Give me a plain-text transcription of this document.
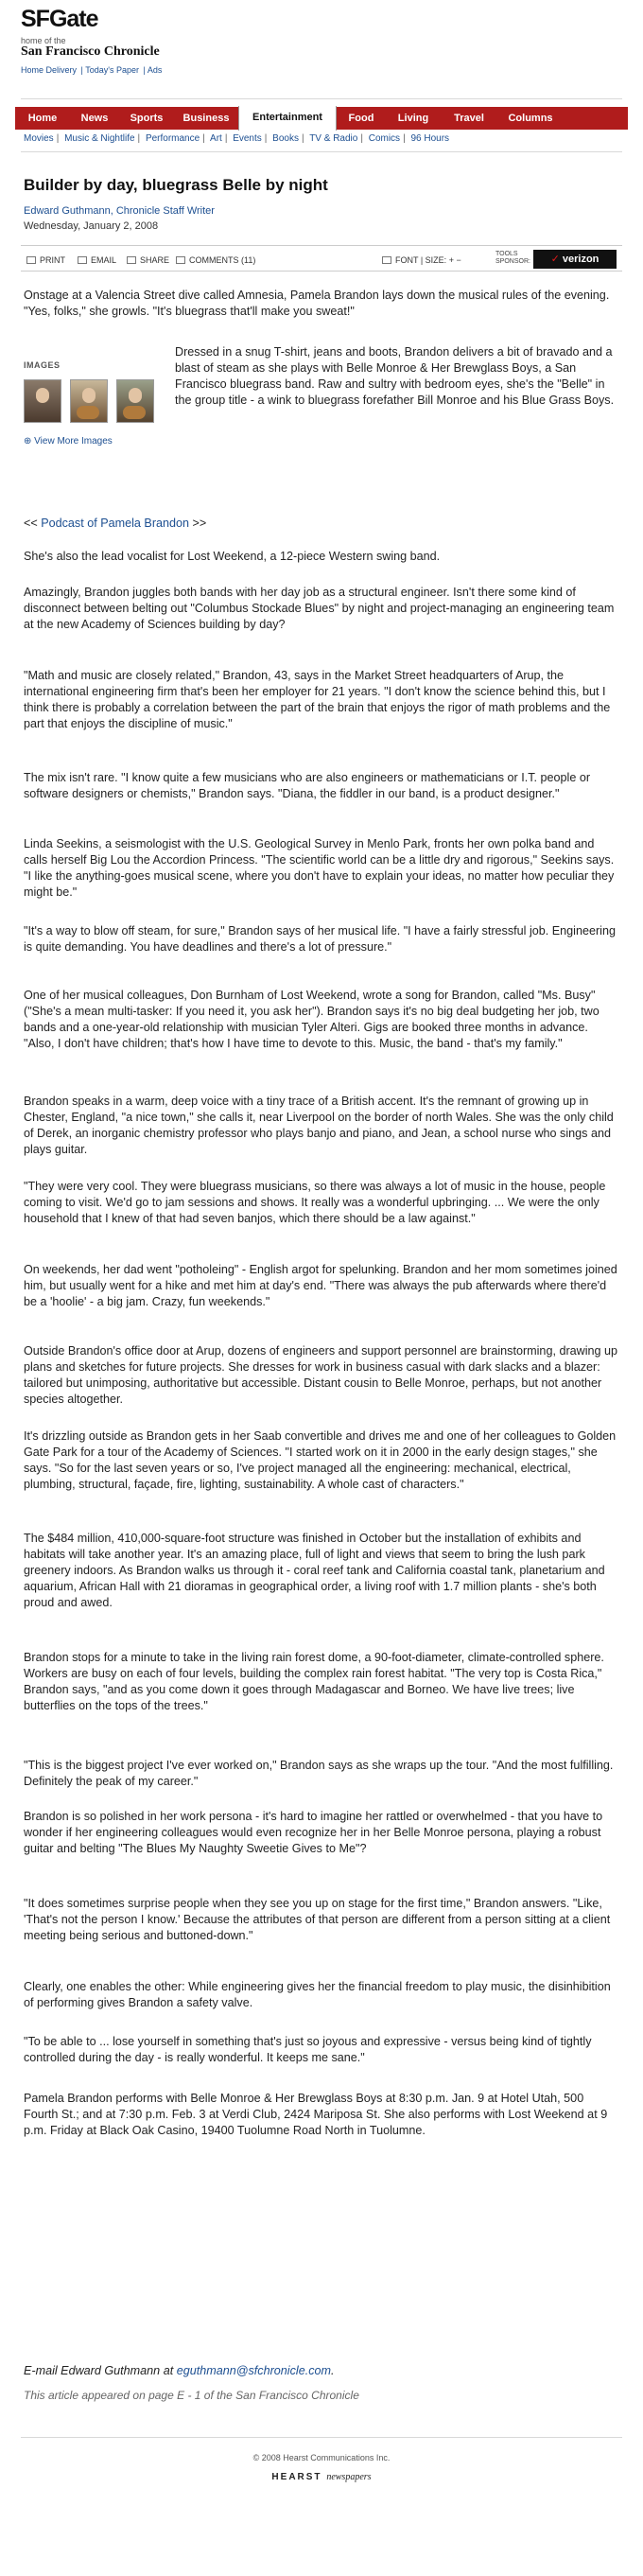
SFGate
home of the
San Francisco Chronicle
Home Delivery | Today's Paper | Ads
Home	News	Sports	Business	Entertainment	Food	Living	Travel	Columns
Movies | Music & Nightlife | Performance | Art | Events | Books | TV & Radio | Comics | 96 Hours
Builder by day, bluegrass Belle by night
Edward Guthmann, Chronicle Staff Writer
Wednesday, January 2, 2008
PRINT	EMAIL	SHARE	COMMENTS (11)	FONT | SIZE: + −
TOOLS
SPONSOR:	✓ verizon

Onstage at a Valencia Street dive called Amnesia, Pamela Brandon lays down the musical rules of the evening. "Yes, folks," she growls. "It's bluegrass that'll make you sweat!"

IMAGES
⊕ View More Images

Dressed in a snug T-shirt, jeans and boots, Brandon delivers a bit of bravado and a blast of steam as she plays with Belle Monroe & Her Brewglass Boys, a San Francisco bluegrass band. Raw and sultry with bedroom eyes, she's the "Belle" in the group title - a wink to bluegrass forefather Bill Monroe and his Blue Grass Boys.

<< Podcast of Pamela Brandon >>

She's also the lead vocalist for Lost Weekend, a 12-piece Western swing band.

Amazingly, Brandon juggles both bands with her day job as a structural engineer. Isn't there some kind of disconnect between belting out "Columbus Stockade Blues" by night and project-managing an engineering team at the new Academy of Sciences building by day?

"Math and music are closely related," Brandon, 43, says in the Market Street headquarters of Arup, the international engineering firm that's been her employer for 21 years. "I don't know the science behind this, but I think there is probably a correlation between the part of the brain that enjoys the rigor of math problems and the part that enjoys the discipline of music."

The mix isn't rare. "I know quite a few musicians who are also engineers or mathematicians or I.T. people or software designers or chemists," Brandon says. "Diana, the fiddler in our band, is a product designer."

Linda Seekins, a seismologist with the U.S. Geological Survey in Menlo Park, fronts her own polka band and calls herself Big Lou the Accordion Princess. "The scientific world can be a little dry and rigorous," Seekins says. "I like the anything-goes musical scene, where you don't have to explain your ideas, no matter how peculiar they might be."

"It's a way to blow off steam, for sure," Brandon says of her musical life. "I have a fairly stressful job. Engineering is quite demanding. You have deadlines and there's a lot of pressure."

One of her musical colleagues, Don Burnham of Lost Weekend, wrote a song for Brandon, called "Ms. Busy" ("She's a mean multi-tasker: If you need it, you ask her"). Brandon says it's no big deal budgeting her job, two bands and a one-year-old relationship with musician Tyler Alteri. Gigs are booked three months in advance. "Also, I don't have children; that's how I have time to devote to this. Music, the band - that's my family."

Brandon speaks in a warm, deep voice with a tiny trace of a British accent. It's the remnant of growing up in Chester, England, "a nice town," she calls it, near Liverpool on the border of north Wales. She was the only child of Derek, an inorganic chemistry professor who plays banjo and piano, and Jean, a school nurse who sings and plays guitar.

"They were very cool. They were bluegrass musicians, so there was always a lot of music in the house, people coming to visit. We'd go to jam sessions and shows. It really was a wonderful upbringing. ... We were the only household that I knew of that had seven banjos, which there should be a law against."

On weekends, her dad went "potholeing" - English argot for spelunking. Brandon and her mom sometimes joined him, but usually went for a hike and met him at day's end. "There was always the pub afterwards where there'd be a 'hoolie' - a big jam. Crazy, fun weekends."

Outside Brandon's office door at Arup, dozens of engineers and support personnel are brainstorming, drawing up plans and sketches for future projects. She dresses for work in business casual with dark slacks and a blazer: tailored but unimposing, authoritative but accessible. Distant cousin to Belle Monroe, perhaps, but not another species altogether.

It's drizzling outside as Brandon gets in her Saab convertible and drives me and one of her colleagues to Golden Gate Park for a tour of the Academy of Sciences. "I started work on it in 2000 in the early design stages," she says. "So for the last seven years or so, I've project managed all the engineering: mechanical, electrical, plumbing, structural, façade, fire, lighting, sustainability. A whole cast of characters."

The $484 million, 410,000-square-foot structure was finished in October but the installation of exhibits and habitats will take another year. It's an amazing place, full of light and views that seem to bring the lush park greenery indoors. As Brandon walks us through it - coral reef tank and California coastal tank, planetarium and aquarium, African Hall with 21 dioramas in geographical order, a living roof with 1.7 million plants - she's both proud and awed.

Brandon stops for a minute to take in the living rain forest dome, a 90-foot-diameter, climate-controlled sphere. Workers are busy on each of four levels, building the complex rain forest habitat. "The very top is Costa Rica," Brandon says, "and as you come down it goes through Madagascar and Borneo. We have live trees; live butterflies on the tops of the trees."

"This is the biggest project I've ever worked on," Brandon says as she wraps up the tour. "And the most fulfilling. Definitely the peak of my career."

Brandon is so polished in her work persona - it's hard to imagine her rattled or overwhelmed - that you have to wonder if her engineering colleagues would even recognize her in her Belle Monroe persona, playing a robust guitar and belting "The Blues My Naughty Sweetie Gives to Me"?

"It does sometimes surprise people when they see you up on stage for the first time," Brandon answers. "Like, 'That's not the person I know.' Because the attributes of that person are different from a person sitting at a client meeting being serious and buttoned-down."

Clearly, one enables the other: While engineering gives her the financial freedom to play music, the disinhibition of performing gives Brandon a safety valve.

"To be able to ... lose yourself in something that's just so joyous and expressive - versus being kind of tightly controlled during the day - is really wonderful. It keeps me sane."

Pamela Brandon performs with Belle Monroe & Her Brewglass Boys at 8:30 p.m. Jan. 9 at Hotel Utah, 500 Fourth St.; and at 7:30 p.m. Feb. 3 at Verdi Club, 2424 Mariposa St. She also performs with Lost Weekend at 9 p.m. Friday at Black Oak Casino, 19400 Tuolumne Road North in Tuolumne.

E-mail Edward Guthmann at eguthmann@sfchronicle.com.
This article appeared on page E - 1 of the San Francisco Chronicle
© 2008 Hearst Communications Inc.
HEARST newspapers
